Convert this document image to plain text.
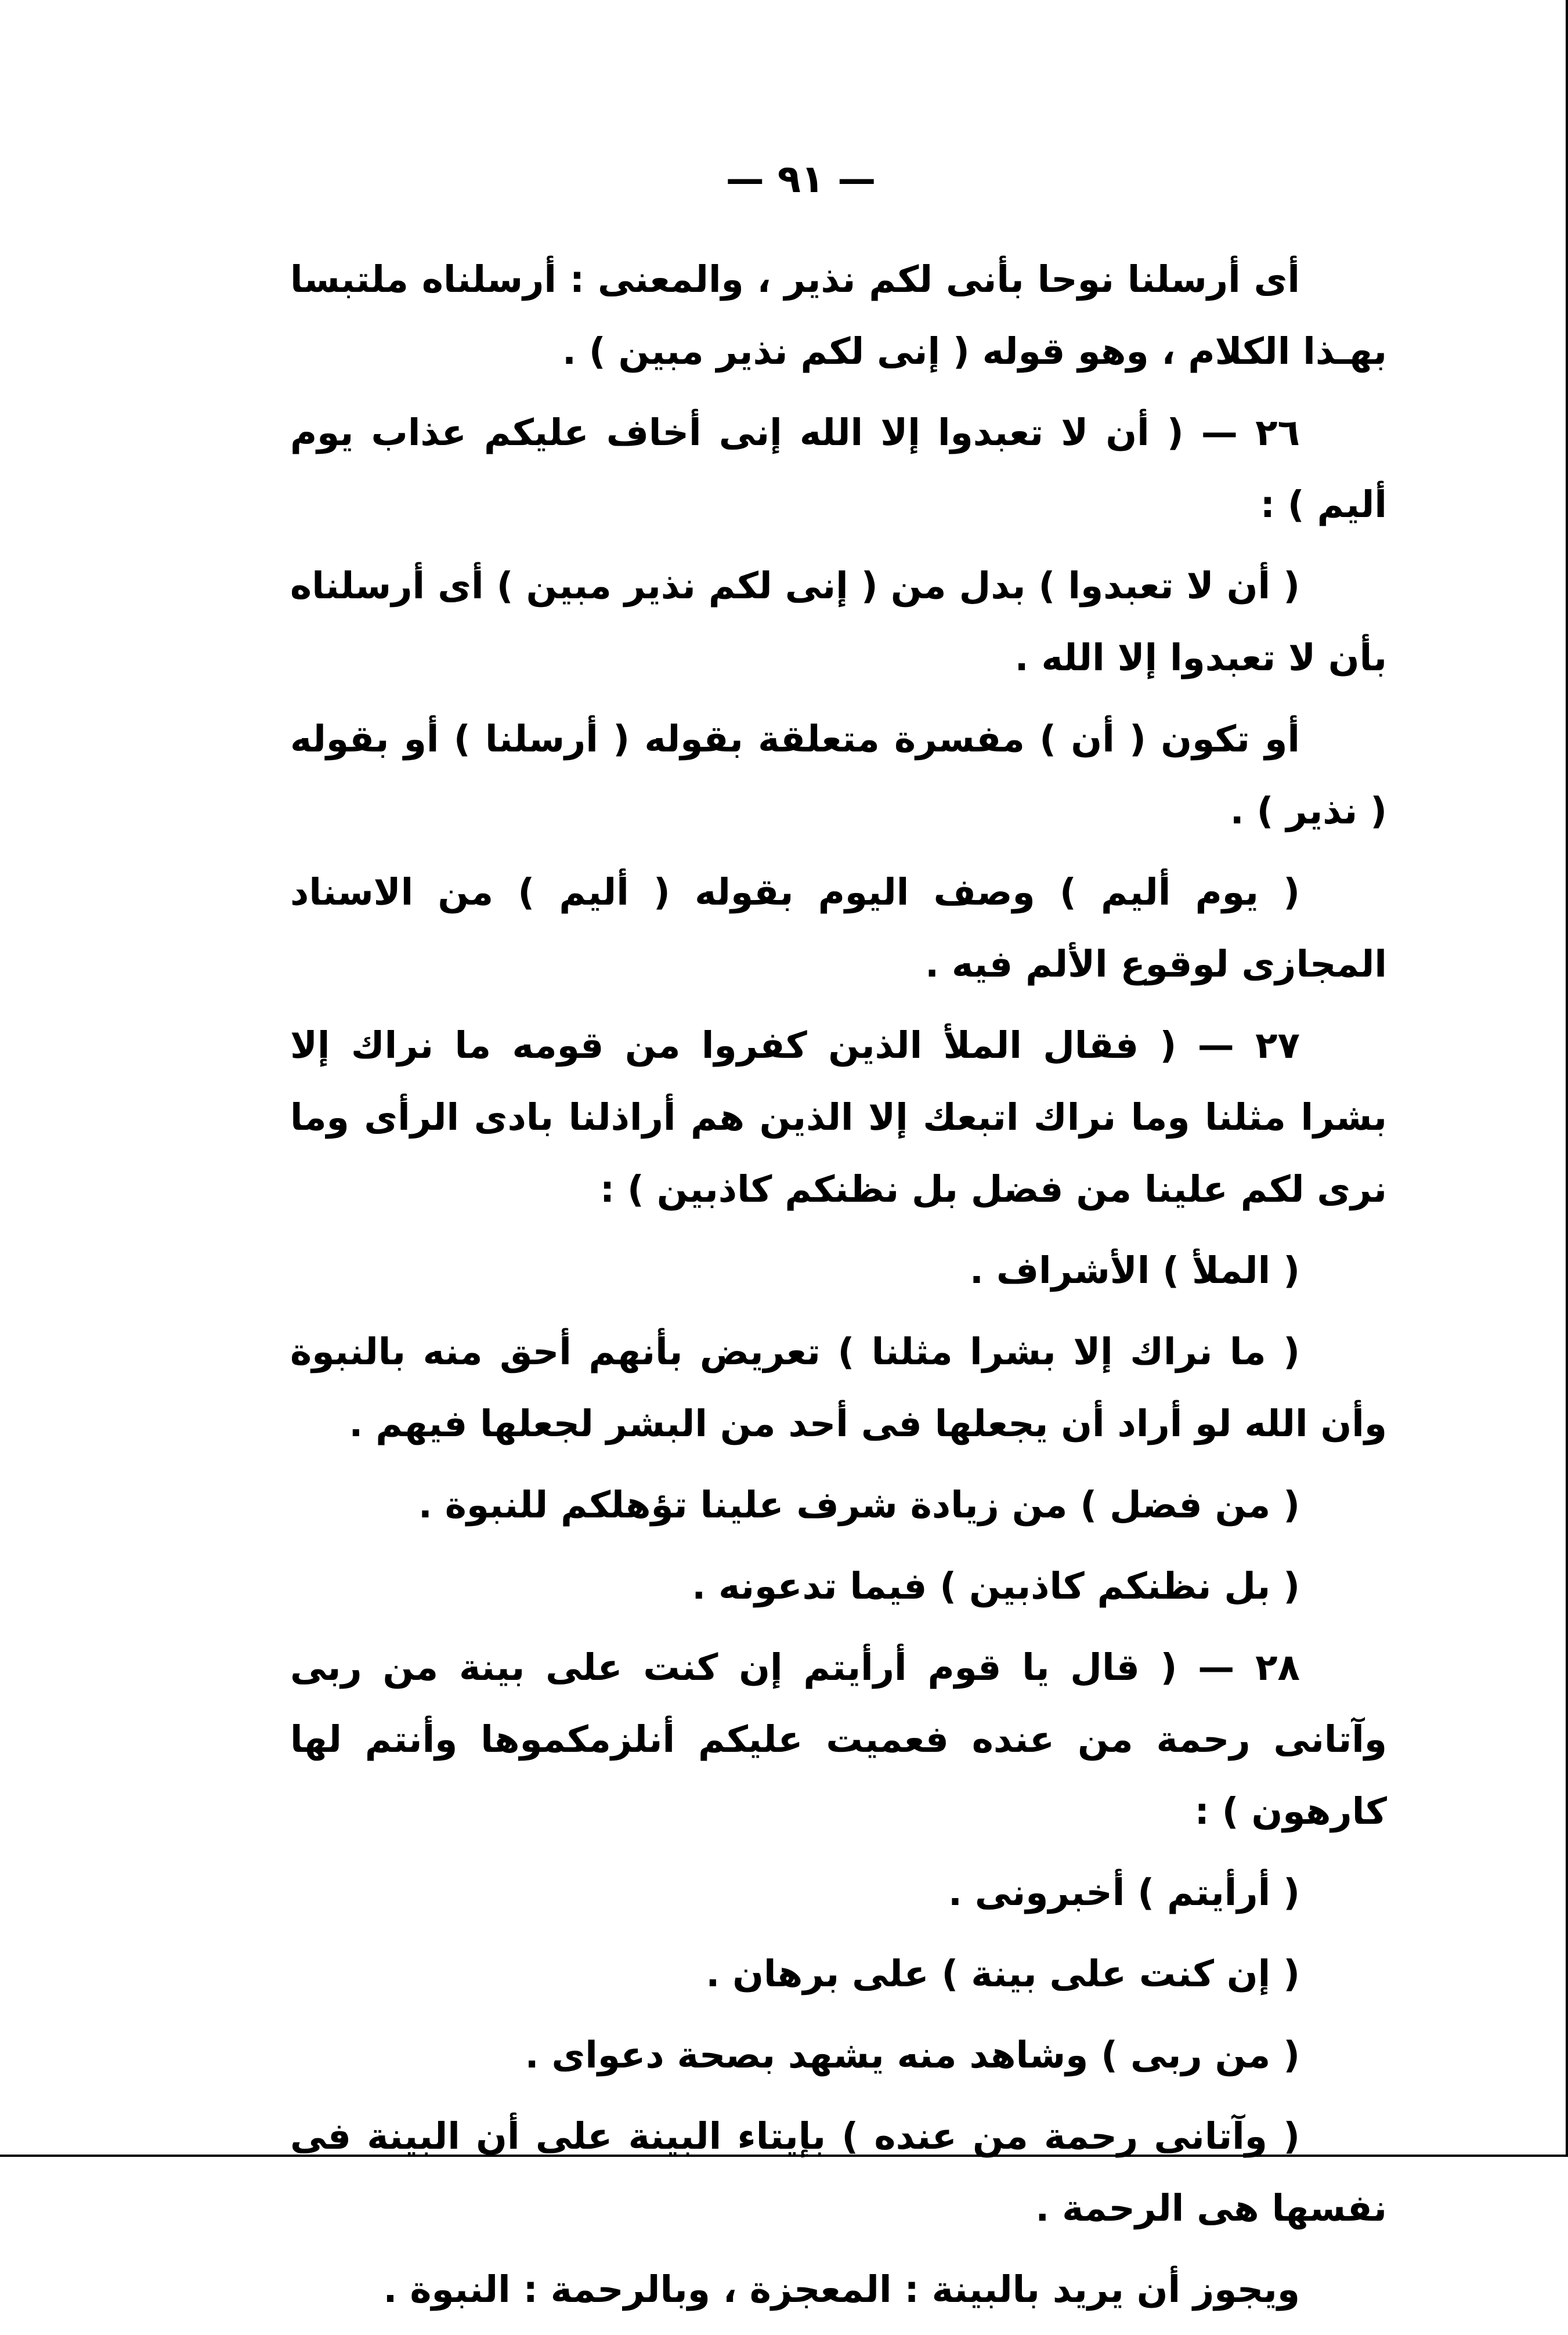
— ٩١ —

أى أرسلنا نوحا بأنى لكم نذير ، والمعنى : أرسلناه ملتبسا بهـذا الكلام ، وهو قوله ( إنى لكم نذير مبين ) .

٢٦ — ( أن لا تعبدوا إلا الله إنى أخاف عليكم عذاب يوم أليم ) :

( أن لا تعبدوا ) بدل من ( إنى لكم نذير مبين ) أى أرسلناه بأن لا تعبدوا إلا الله .

أو تكون ( أن ) مفسرة متعلقة بقوله ( أرسلنا ) أو بقوله ( نذير ) .

( يوم أليم ) وصف اليوم بقوله ( أليم ) من الاسناد المجازى لوقوع الألم فيه .

٢٧ — ( فقال الملأ الذين كفروا من قومه ما نراك إلا بشرا مثلنا وما نراك اتبعك إلا الذين هم أراذلنا بادى الرأى وما نرى لكم علينا من فضل بل نظنكم كاذبين ) :

( الملأ ) الأشراف .

( ما نراك إلا بشرا مثلنا ) تعريض بأنهم أحق منه بالنبوة وأن الله لو أراد أن يجعلها فى أحد من البشر لجعلها فيهم .

( من فضل ) من زيادة شرف علينا تؤهلكم للنبوة .

( بل نظنكم كاذبين ) فيما تدعونه .

٢٨ — ( قال يا قوم أرأيتم إن كنت على بينة من ربى وآتانى رحمة من عنده فعميت عليكم أنلزمكموها وأنتم لها كارهون ) :

( أرأيتم ) أخبرونى .

( إن كنت على بينة ) على برهان .

( من ربى ) وشاهد منه يشهد بصحة دعواى .

( وآتانى رحمة من عنده ) بإيتاء البينة على أن البينة فى نفسها هى الرحمة .

ويجوز أن يريد بالبينة : المعجزة ، وبالرحمة : النبوة .
